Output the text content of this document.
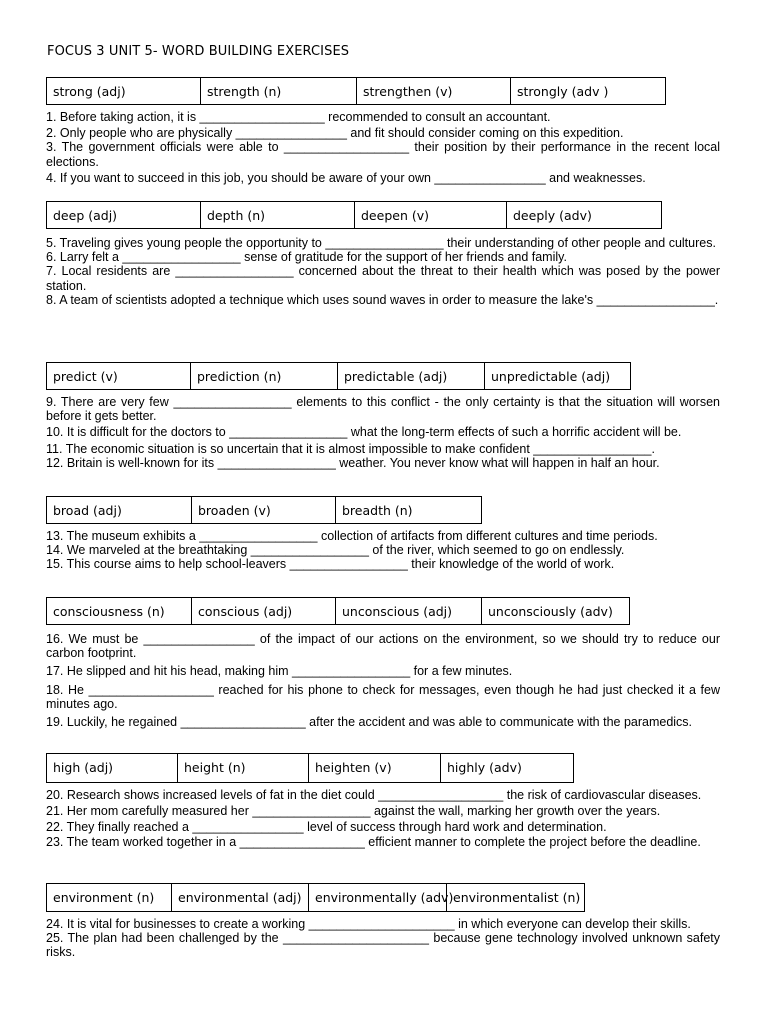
FOCUS 3 UNIT 5- WORD BUILDING EXERCISES
strong (adj)	strength (n)	strengthen (v)	strongly (adv )

1. Before taking action, it is __________________ recommended to consult an accountant.

2. Only people who are physically ________________ and fit should consider coming on this expedition.

3. The government officials were able to __________________ their position by their performance in the recent local elections.

4. If you want to succeed in this job, you should be aware of your own ________________ and weaknesses.

deep (adj)	depth (n)	deepen (v)	deeply (adv)

5. Traveling gives young people the opportunity to _________________ their understanding of other people and cultures.

6. Larry felt a _________________ sense of gratitude for the support of her friends and family.

7. Local residents are _________________ concerned about the threat to their health which was posed by the power station.

8. A team of scientists adopted a technique which uses sound waves in order to measure the lake's _________________.

predict (v)	prediction (n)	predictable (adj)	unpredictable (adj)

9. There are very few _________________ elements to this conflict - the only certainty is that the situation will worsen before it gets better.

10. It is difficult for the doctors to _________________ what the long-term effects of such a horrific accident will be.

11. The economic situation is so uncertain that it is almost impossible to make confident _________________.

12. Britain is well-known for its _________________ weather. You never know what will happen in half an hour.

broad (adj)	broaden (v)	breadth (n)

13. The museum exhibits a _________________ collection of artifacts from different cultures and time periods.

14. We marveled at the breathtaking _________________ of the river, which seemed to go on endlessly.

15. This course aims to help school-leavers _________________ their knowledge of the world of work.

consciousness (n)	conscious (adj)	unconscious (adj)	unconsciously (adv)

16. We must be ________________ of the impact of our actions on the environment, so we should try to reduce our carbon footprint.

17. He slipped and hit his head, making him _________________ for a few minutes.

18. He __________________ reached for his phone to check for messages, even though he had just checked it a few minutes ago.

19. Luckily, he regained __________________ after the accident and was able to communicate with the paramedics.

high (adj)	height (n)	heighten (v)	highly (adv)

20. Research shows increased levels of fat in the diet could __________________ the risk of cardiovascular diseases.

21. Her mom carefully measured her _________________ against the wall, marking her growth over the years.

22. They finally reached a ________________ level of success through hard work and determination.

23. The team worked together in a __________________ efficient manner to complete the project before the deadline.

environment (n)	environmental (adj)	environmentally (adv) environmentalist (n)

24. It is vital for businesses to create a working _____________________ in which everyone can develop their skills.

25. The plan had been challenged by the _____________________ because gene technology involved unknown safety risks.
